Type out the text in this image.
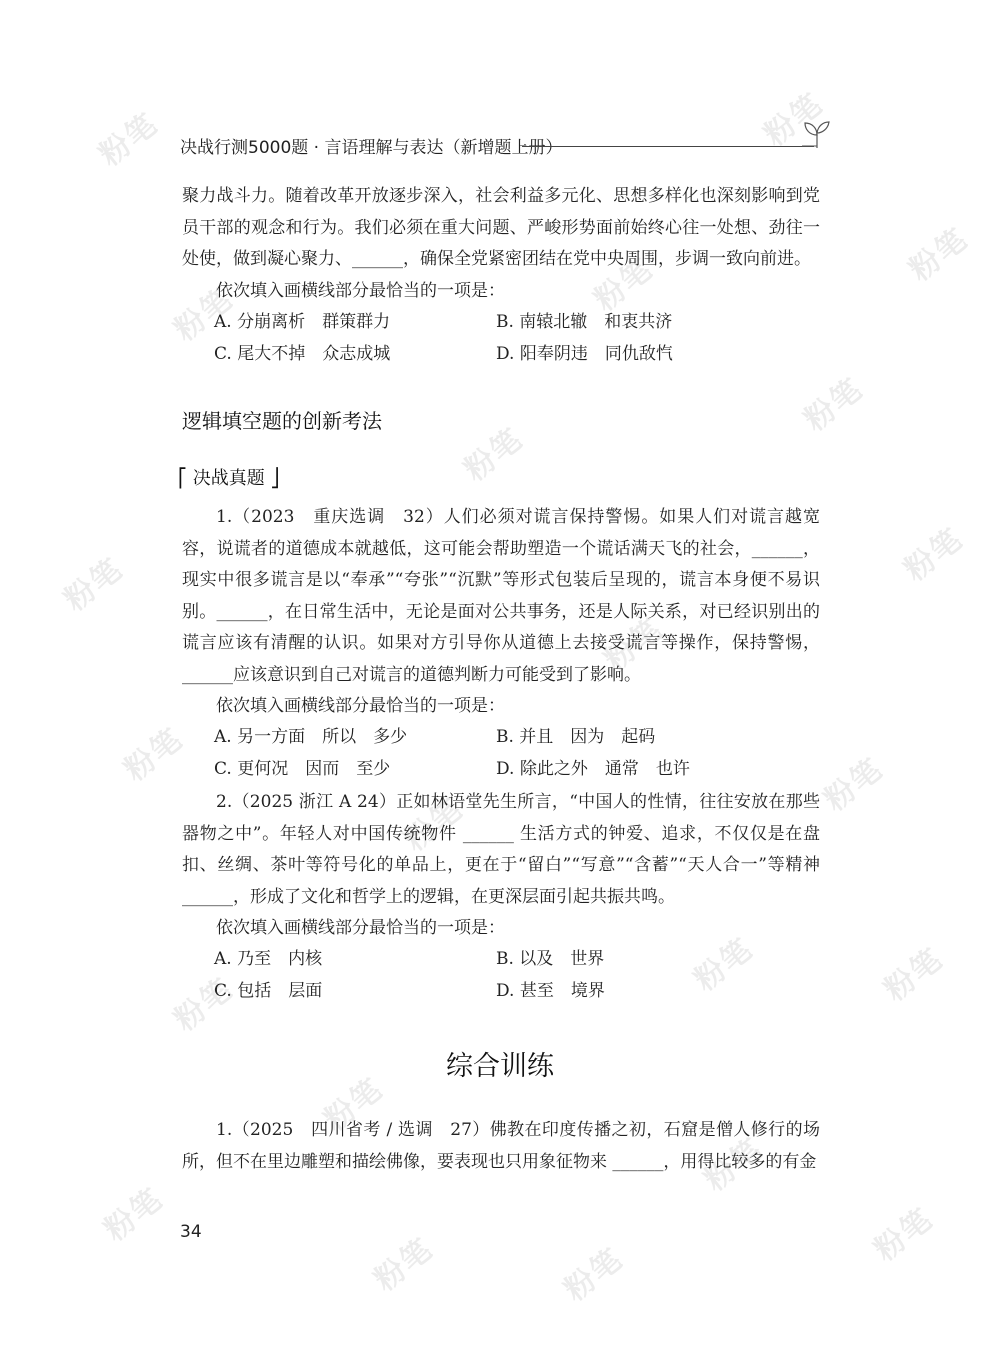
粉笔	粉笔
粉笔
粉笔	粉笔
粉笔
粉笔
粉笔	粉笔
粉笔
粉笔	粉笔
粉笔
粉笔
粉笔	粉笔
粉笔
粉笔
粉笔
粉笔	粉笔
粉笔
决战行测5000题 · 言语理解与表达（新增题上册）

聚力战斗力。随着改革开放逐步深入，社会利益多元化、思想多样化也深刻影响到党员干部的观念和行为。我们必须在重大问题、严峻形势面前始终心往一处想、劲往一处使，做到凝心聚力、______，确保全党紧密团结在党中央周围，步调一致向前进。

依次填入画横线部分最恰当的一项是：

A. 分崩离析　群策群力	B. 南辕北辙　和衷共济
C. 尾大不掉　众志成城	D. 阳奉阴违　同仇敌忾
逻辑填空题的创新考法
⎡ 决战真题 ⎦

1.（2023　重庆选调　32）人们必须对谎言保持警惕。如果人们对谎言越宽容，说谎者的道德成本就越低，这可能会帮助塑造一个谎话满天飞的社会，______，现实中很多谎言是以“奉承”“夸张”“沉默”等形式包装后呈现的，谎言本身便不易识别。______，在日常生活中，无论是面对公共事务，还是人际关系，对已经识别出的谎言应该有清醒的认识。如果对方引导你从道德上去接受谎言等操作，保持警惕，______应该意识到自己对谎言的道德判断力可能受到了影响。

依次填入画横线部分最恰当的一项是：

A. 另一方面　所以　多少	B. 并且　因为　起码
C. 更何况　因而　至少	D. 除此之外　通常　也许

2.（2025 浙江 A 24）正如林语堂先生所言，“中国人的性情，往往安放在那些器物之中”。年轻人对中国传统物件 ______ 生活方式的钟爱、追求，不仅仅是在盘扣、丝绸、茶叶等符号化的单品上，更在于“留白”“写意”“含蓄”“天人合一”等精神______，形成了文化和哲学上的逻辑，在更深层面引起共振共鸣。

依次填入画横线部分最恰当的一项是：

A. 乃至　内核	B. 以及　世界
C. 包括　层面	D. 甚至　境界
综合训练

1.（2025　四川省考 / 选调　27）佛教在印度传播之初，石窟是僧人修行的场所，但不在里边雕塑和描绘佛像，要表现也只用象征物来 ______，用得比较多的有金

34
